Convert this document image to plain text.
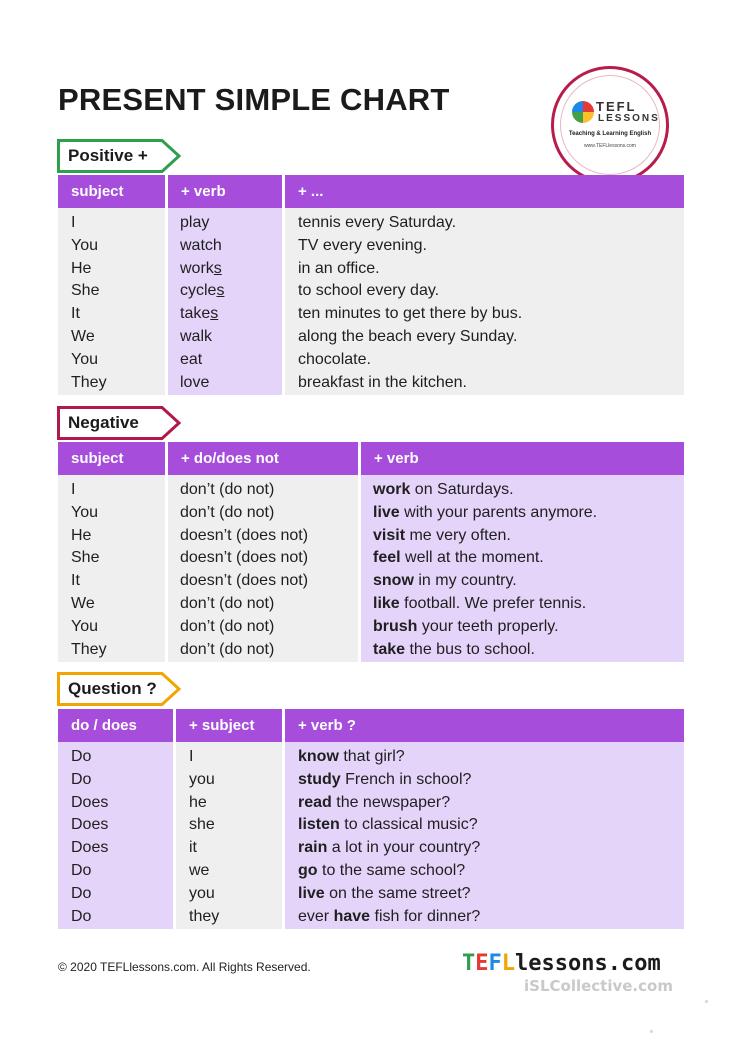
PRESENT SIMPLE CHART	TEFL
LESSONS
Teaching & Learning English
www.TEFLlessons.com
Positive +
subject	+ verb	+ ...
I	play	tennis every Saturday.
You	watch	TV every evening.
He	works	in an office.
She	cycles	to school every day.
It	takes	ten minutes to get there by bus.
We	walk	along the beach every Sunday.
You	eat	chocolate.
They	love	breakfast in the kitchen.
Negative
subject	+ do/does not	+ verb
I	don’t (do not)	work on Saturdays.
You	don’t (do not)	live with your parents anymore.
He	doesn’t (does not)	visit me very often.
She	doesn’t (does not)	feel well at the moment.
It	doesn’t (does not)	snow in my country.
We	don’t (do not)	like football. We prefer tennis.
You	don’t (do not)	brush your teeth properly.
They	don’t (do not)	take the bus to school.
Question ?
do / does	+ subject	+ verb ?
Do	I	know that girl?
Do	you	study French in school?
Does	he	read the newspaper?
Does	she	listen to classical music?
Does	it	rain a lot in your country?
Do	we	go to the same school?
Do	you	live on the same street?
Do	they	ever have fish for dinner?
© 2020 TEFLlessons.com. All Rights Reserved.	TEFLlessons.com
iSLCollective.com
